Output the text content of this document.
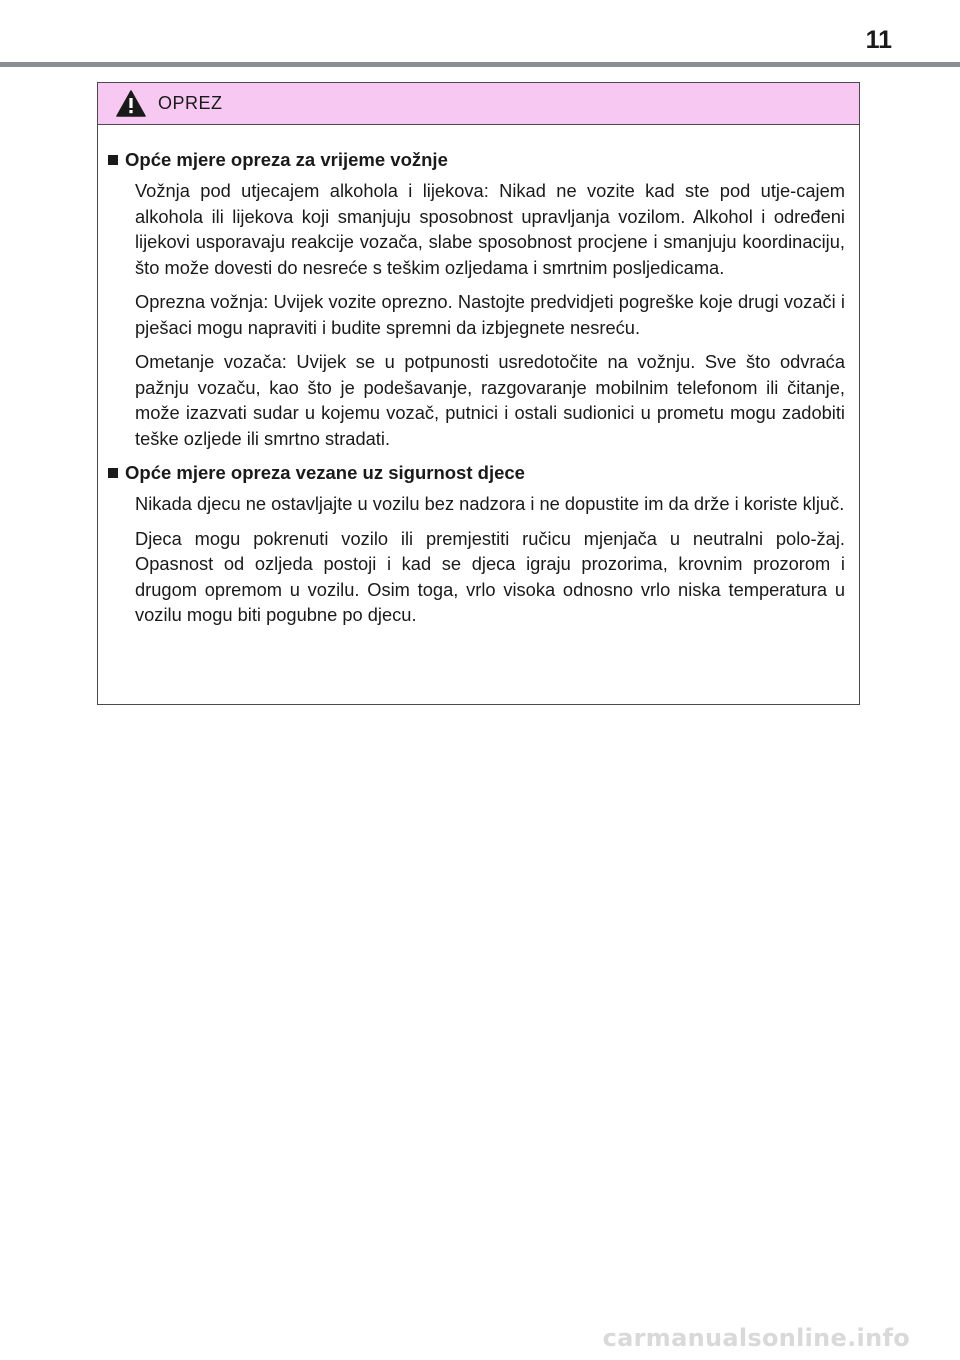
11
OPREZ
Opće mjere opreza za vrijeme vožnje

Vožnja pod utjecajem alkohola i lijekova: Nikad ne vozite kad ste pod utje-cajem alkohola ili lijekova koji smanjuju sposobnost upravljanja vozilom. Alkohol i određeni lijekovi usporavaju reakcije vozača, slabe sposobnost procjene i smanjuju koordinaciju, što može dovesti do nesreće s teškim ozljedama i smrtnim posljedicama.

Oprezna vožnja: Uvijek vozite oprezno. Nastojte predvidjeti pogreške koje drugi vozači i pješaci mogu napraviti i budite spremni da izbjegnete nesreću.

Ometanje vozača: Uvijek se u potpunosti usredotočite na vožnju. Sve što odvraća pažnju vozaču, kao što je podešavanje, razgovaranje mobilnim telefonom ili čitanje, može izazvati sudar u kojemu vozač, putnici i ostali sudionici u prometu mogu zadobiti teške ozljede ili smrtno stradati.

Opće mjere opreza vezane uz sigurnost djece

Nikada djecu ne ostavljajte u vozilu bez nadzora i ne dopustite im da drže i koriste ključ.

Djeca mogu pokrenuti vozilo ili premjestiti ručicu mjenjača u neutralni polo-žaj. Opasnost od ozljeda postoji i kad se djeca igraju prozorima, krovnim prozorom i drugom opremom u vozilu. Osim toga, vrlo visoka odnosno vrlo niska temperatura u vozilu mogu biti pogubne po djecu.

carmanualsonline.info
